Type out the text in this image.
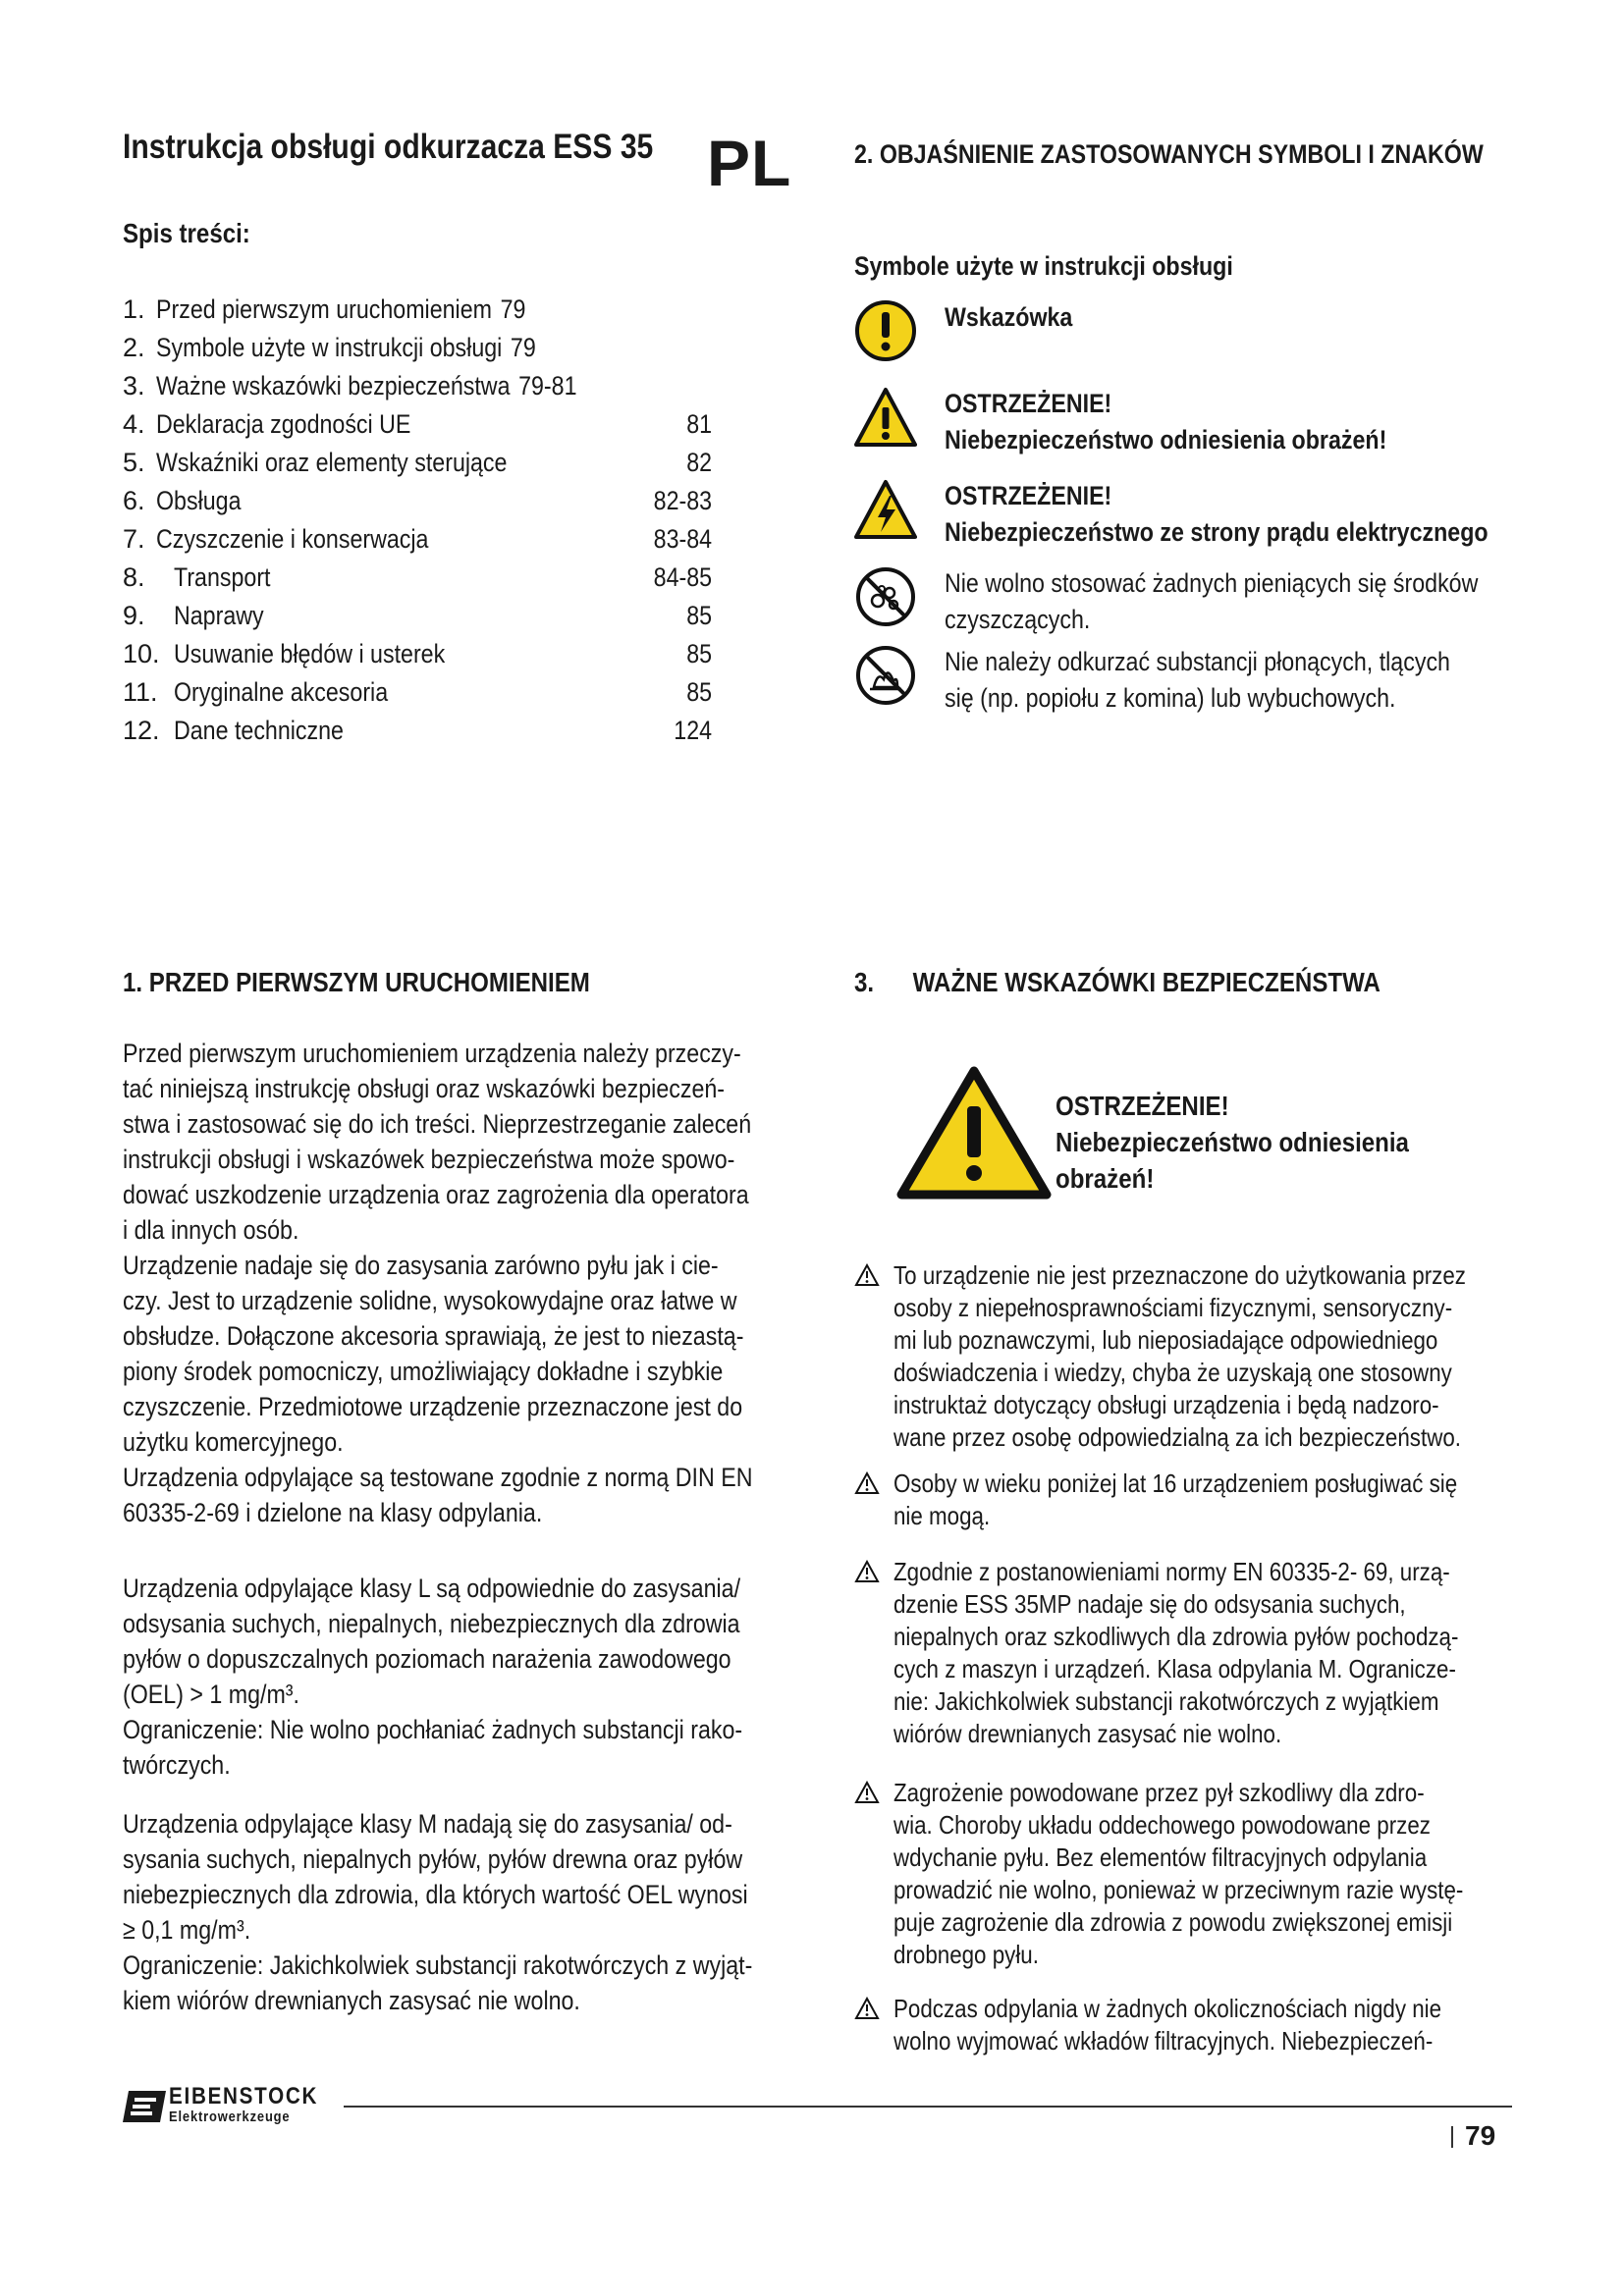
Instrukcja obsługi odkurzacza ESS 35 PL
Spis treści:
1. Przed pierwszym uruchomieniem 79
2. Symbole użyte w instrukcji obsługi 79
3. Ważne wskazówki bezpieczeństwa 79-81
4. Deklaracja zgodności UE	81
5. Wskaźniki oraz elementy sterujące	82
6. Obsługa	82-83
7. Czyszczenie i konserwacja	83-84
8. Transport	84-85
9. Naprawy	85
10. Usuwanie błędów i usterek	85
11. Oryginalne akcesoria	85
12. Dane techniczne	124
2. OBJAŚNIENIE ZASTOSOWANYCH SYMBOLI I ZNAKÓW
Symbole użyte w instrukcji obsługi
Wskazówka
OSTRZEŻENIE!
Niebezpieczeństwo odniesienia obrażeń!
OSTRZEŻENIE!
Niebezpieczeństwo ze strony prądu elektrycznego
Nie wolno stosować żadnych pieniących się środków
czyszczących.
Nie należy odkurzać substancji płonących, tlących
się (np. popiołu z komina) lub wybuchowych.
1. PRZED PIERWSZYM URUCHOMIENIEM
Przed pierwszym uruchomieniem urządzenia należy przeczy-
tać niniejszą instrukcję obsługi oraz wskazówki bezpieczeń-
stwa i zastosować się do ich treści. Nieprzestrzeganie zaleceń
instrukcji obsługi i wskazówek bezpieczeństwa może spowo-
dować uszkodzenie urządzenia oraz zagrożenia dla operatora
i dla innych osób.
Urządzenie nadaje się do zasysania zarówno pyłu jak i cie-
czy. Jest to urządzenie solidne, wysokowydajne oraz łatwe w
obsłudze. Dołączone akcesoria sprawiają, że jest to niezastą-
piony środek pomocniczy, umożliwiający dokładne i szybkie
czyszczenie. Przedmiotowe urządzenie przeznaczone jest do
użytku komercyjnego.
Urządzenia odpylające są testowane zgodnie z normą DIN EN
60335-2-69 i dzielone na klasy odpylania.
Urządzenia odpylające klasy L są odpowiednie do zasysania/
odsysania suchych, niepalnych, niebezpiecznych dla zdrowia
pyłów o dopuszczalnych poziomach narażenia zawodowego
(OEL) > 1 mg/m³.
Ograniczenie: Nie wolno pochłaniać żadnych substancji rako-
twórczych.
Urządzenia odpylające klasy M nadają się do zasysania/ od-
sysania suchych, niepalnych pyłów, pyłów drewna oraz pyłów
niebezpiecznych dla zdrowia, dla których wartość OEL wynosi
≥ 0,1 mg/m³.
Ograniczenie: Jakichkolwiek substancji rakotwórczych z wyjąt-
kiem wiórów drewnianych zasysać nie wolno.
3. WAŻNE WSKAZÓWKI BEZPIECZEŃSTWA
OSTRZEŻENIE!
Niebezpieczeństwo odniesienia
obrażeń!
To urządzenie nie jest przeznaczone do użytkowania przez
osoby z niepełnosprawnościami fizycznymi, sensoryczny-
mi lub poznawczymi, lub nieposiadające odpowiedniego
doświadczenia i wiedzy, chyba że uzyskają one stosowny
instruktaż dotyczący obsługi urządzenia i będą nadzoro-
wane przez osobę odpowiedzialną za ich bezpieczeństwo.
Osoby w wieku poniżej lat 16 urządzeniem posługiwać się
nie mogą.
Zgodnie z postanowieniami normy EN 60335-2- 69, urzą-
dzenie ESS 35MP nadaje się do odsysania suchych,
niepalnych oraz szkodliwych dla zdrowia pyłów pochodzą-
cych z maszyn i urządzeń. Klasa odpylania M. Ogranicze-
nie: Jakichkolwiek substancji rakotwórczych z wyjątkiem
wiórów drewnianych zasysać nie wolno.
Zagrożenie powodowane przez pył szkodliwy dla zdro-
wia. Choroby układu oddechowego powodowane przez
wdychanie pyłu. Bez elementów filtracyjnych odpylania
prowadzić nie wolno, ponieważ w przeciwnym razie wystę-
puje zagrożenie dla zdrowia z powodu zwiększonej emisji
drobnego pyłu.
Podczas odpylania w żadnych okolicznościach nigdy nie
wolno wyjmować wkładów filtracyjnych. Niebezpieczeń-
EIBENSTOCK
Elektrowerkzeuge
79
